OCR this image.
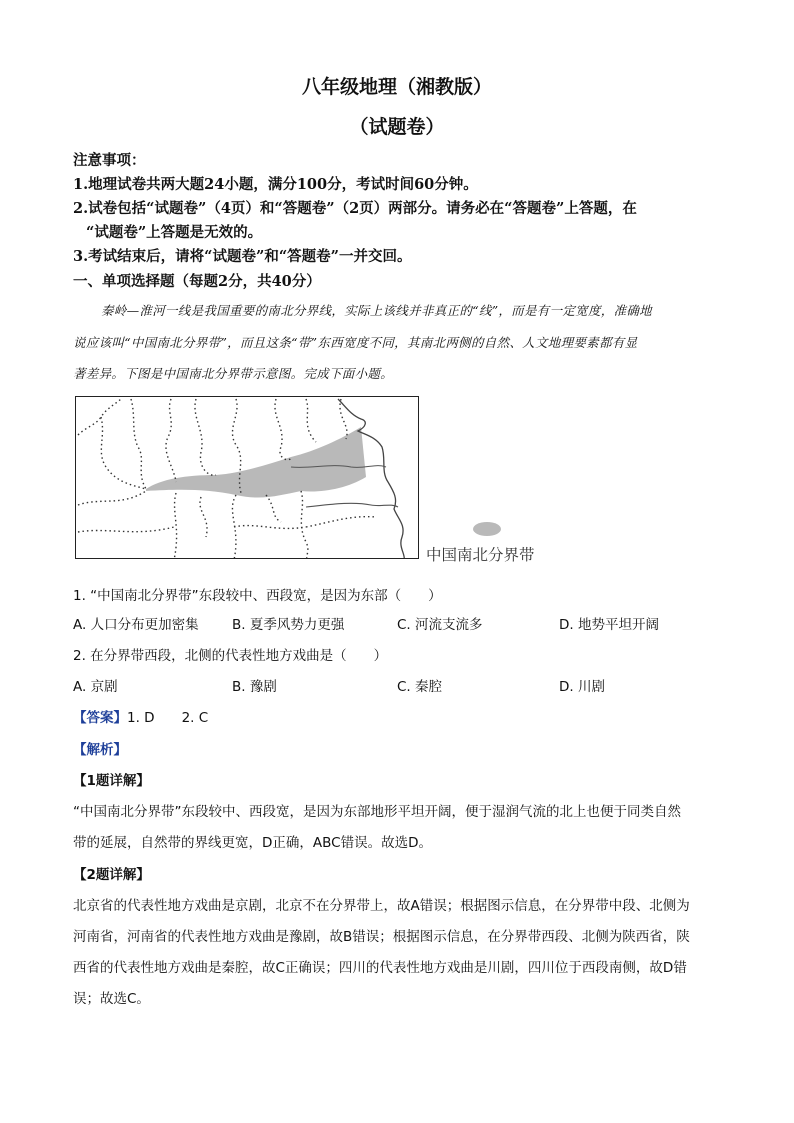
八年级地理（湘教版）
（试题卷）
注意事项：
1.地理试卷共两大题24小题，满分100分，考试时间60分钟。
2.试卷包括“试题卷”（4页）和“答题卷”（2页）两部分。请务必在“答题卷”上答题，在
“试题卷”上答题是无效的。
3.考试结束后，请将“试题卷”和“答题卷”一并交回。
一、单项选择题（每题2分，共40分）
秦岭—淮河一线是我国重要的南北分界线，实际上该线并非真正的“线”，而是有一定宽度，准确地
说应该叫“中国南北分界带”，而且这条“带”东西宽度不同，其南北两侧的自然、人文地理要素都有显
著差异。下图是中国南北分界带示意图。完成下面小题。
中国南北分界带
1. “中国南北分界带”东段较中、西段宽，是因为东部（　　）
A. 人口分布更加密集 B. 夏季风势力更强	C. 河流支流多	D. 地势平坦开阔
2. 在分界带西段，北侧的代表性地方戏曲是（　　）
A. 京剧	B. 豫剧	C. 秦腔	D. 川剧
【答案】1. D　　2. C
【解析】
【1题详解】
“中国南北分界带”东段较中、西段宽，是因为东部地形平坦开阔，便于湿润气流的北上也便于同类自然
带的延展，自然带的界线更宽，D正确，ABC错误。故选D。
【2题详解】
北京省的代表性地方戏曲是京剧，北京不在分界带上，故A错误；根据图示信息，在分界带中段、北侧为
河南省，河南省的代表性地方戏曲是豫剧，故B错误；根据图示信息，在分界带西段、北侧为陕西省，陕
西省的代表性地方戏曲是秦腔，故C正确误；四川的代表性地方戏曲是川剧，四川位于西段南侧，故D错
误；故选C。
